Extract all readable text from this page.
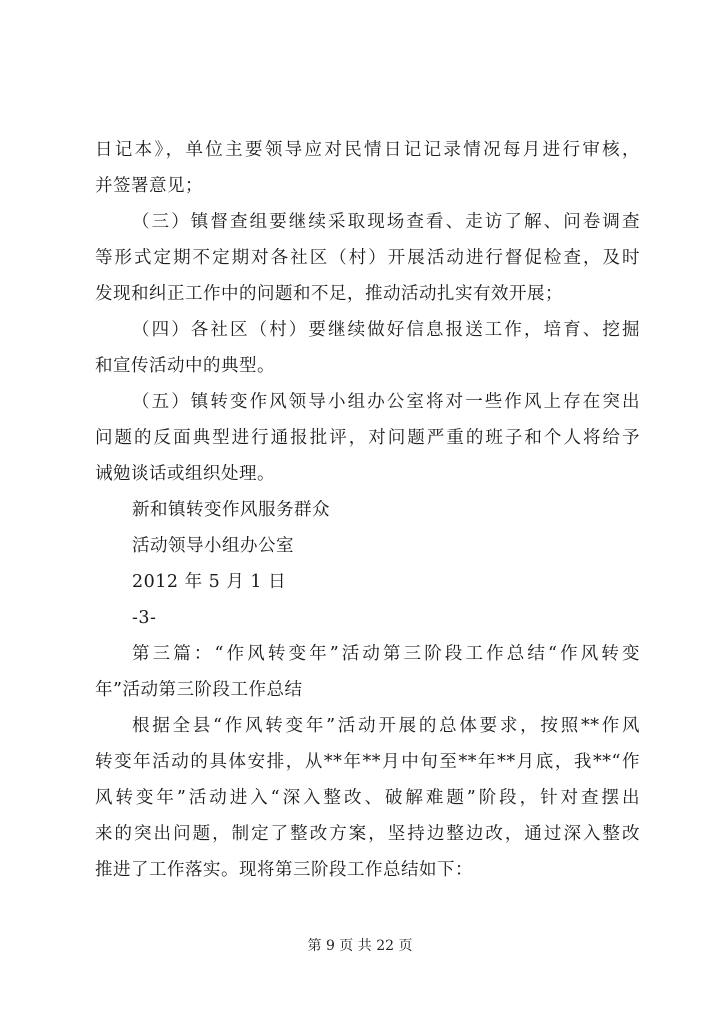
日记本》，单位主要领导应对民情日记记录情况每月进行审核，
并签署意见；
（三）镇督查组要继续采取现场查看、走访了解、问卷调查
等形式定期不定期对各社区（村）开展活动进行督促检查，及时
发现和纠正工作中的问题和不足，推动活动扎实有效开展；
（四）各社区（村）要继续做好信息报送工作，培育、挖掘
和宣传活动中的典型。
（五）镇转变作风领导小组办公室将对一些作风上存在突出
问题的反面典型进行通报批评，对问题严重的班子和个人将给予
诫勉谈话或组织处理。
新和镇转变作风服务群众
活动领导小组办公室
2012 年 5 月 1 日
-3-
第三篇：“作风转变年”活动第三阶段工作总结“作风转变
年”活动第三阶段工作总结
根据全县“作风转变年”活动开展的总体要求，按照**作风
转变年活动的具体安排，从**年**月中旬至**年**月底，我**“作
风转变年”活动进入“深入整改、破解难题”阶段，针对查摆出
来的突出问题，制定了整改方案，坚持边整边改，通过深入整改
推进了工作落实。现将第三阶段工作总结如下：
第 9 页 共 22 页
